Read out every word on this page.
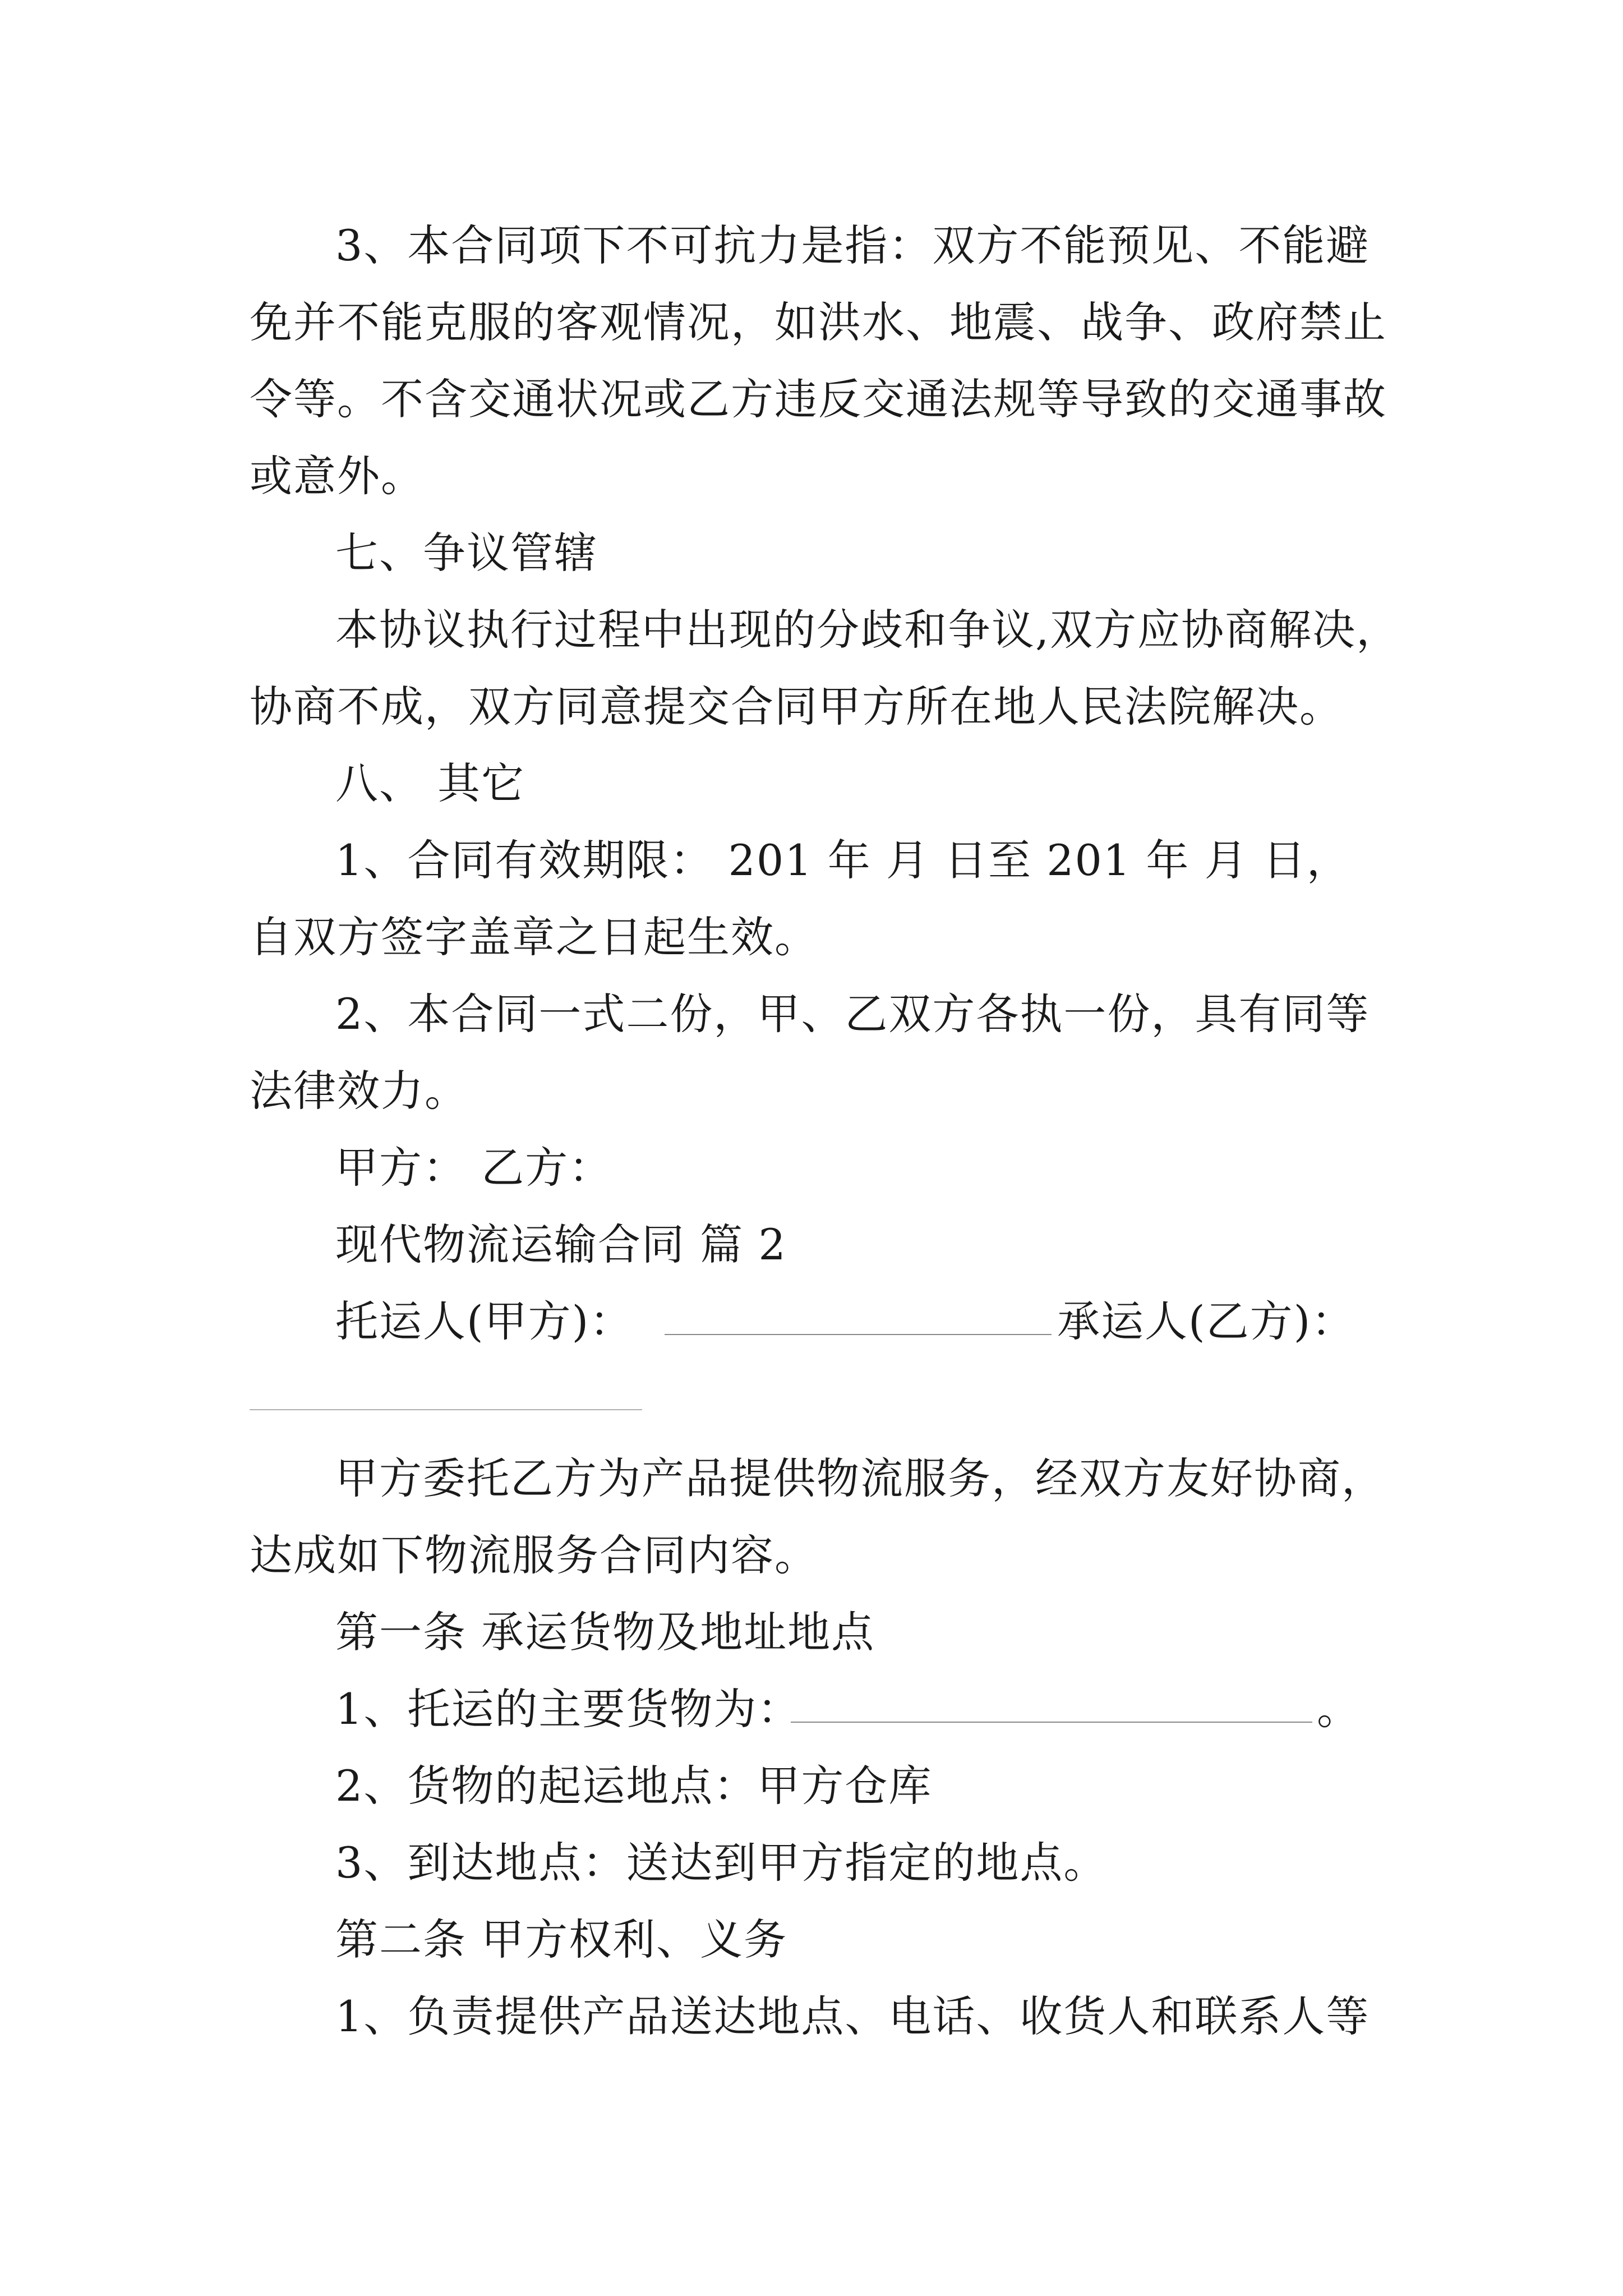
3、本合同项下不可抗力是指：双方不能预见、不能避

免并不能克服的客观情况，如洪水、地震、战争、政府禁止

令等。不含交通状况或乙方违反交通法规等导致的交通事故

或意外。

七、争议管辖

本协议执行过程中出现的分歧和争议,双方应协商解决，

协商不成，双方同意提交合同甲方所在地人民法院解决。

八、 其它

1、合同有效期限： 201 年 月 日至 201 年 月 日，

自双方签字盖章之日起生效。

2、本合同一式二份，甲、乙双方各执一份，具有同等

法律效力。

甲方： 乙方：

现代物流运输合同 篇 2

托运人(甲方)：	承运人(乙方)：

甲方委托乙方为产品提供物流服务，经双方友好协商，

达成如下物流服务合同内容。

第一条 承运货物及地址地点

1、托运的主要货物为：	。

2、货物的起运地点：甲方仓库

3、到达地点：送达到甲方指定的地点。

第二条 甲方权利、义务

1、负责提供产品送达地点、电话、收货人和联系人等
